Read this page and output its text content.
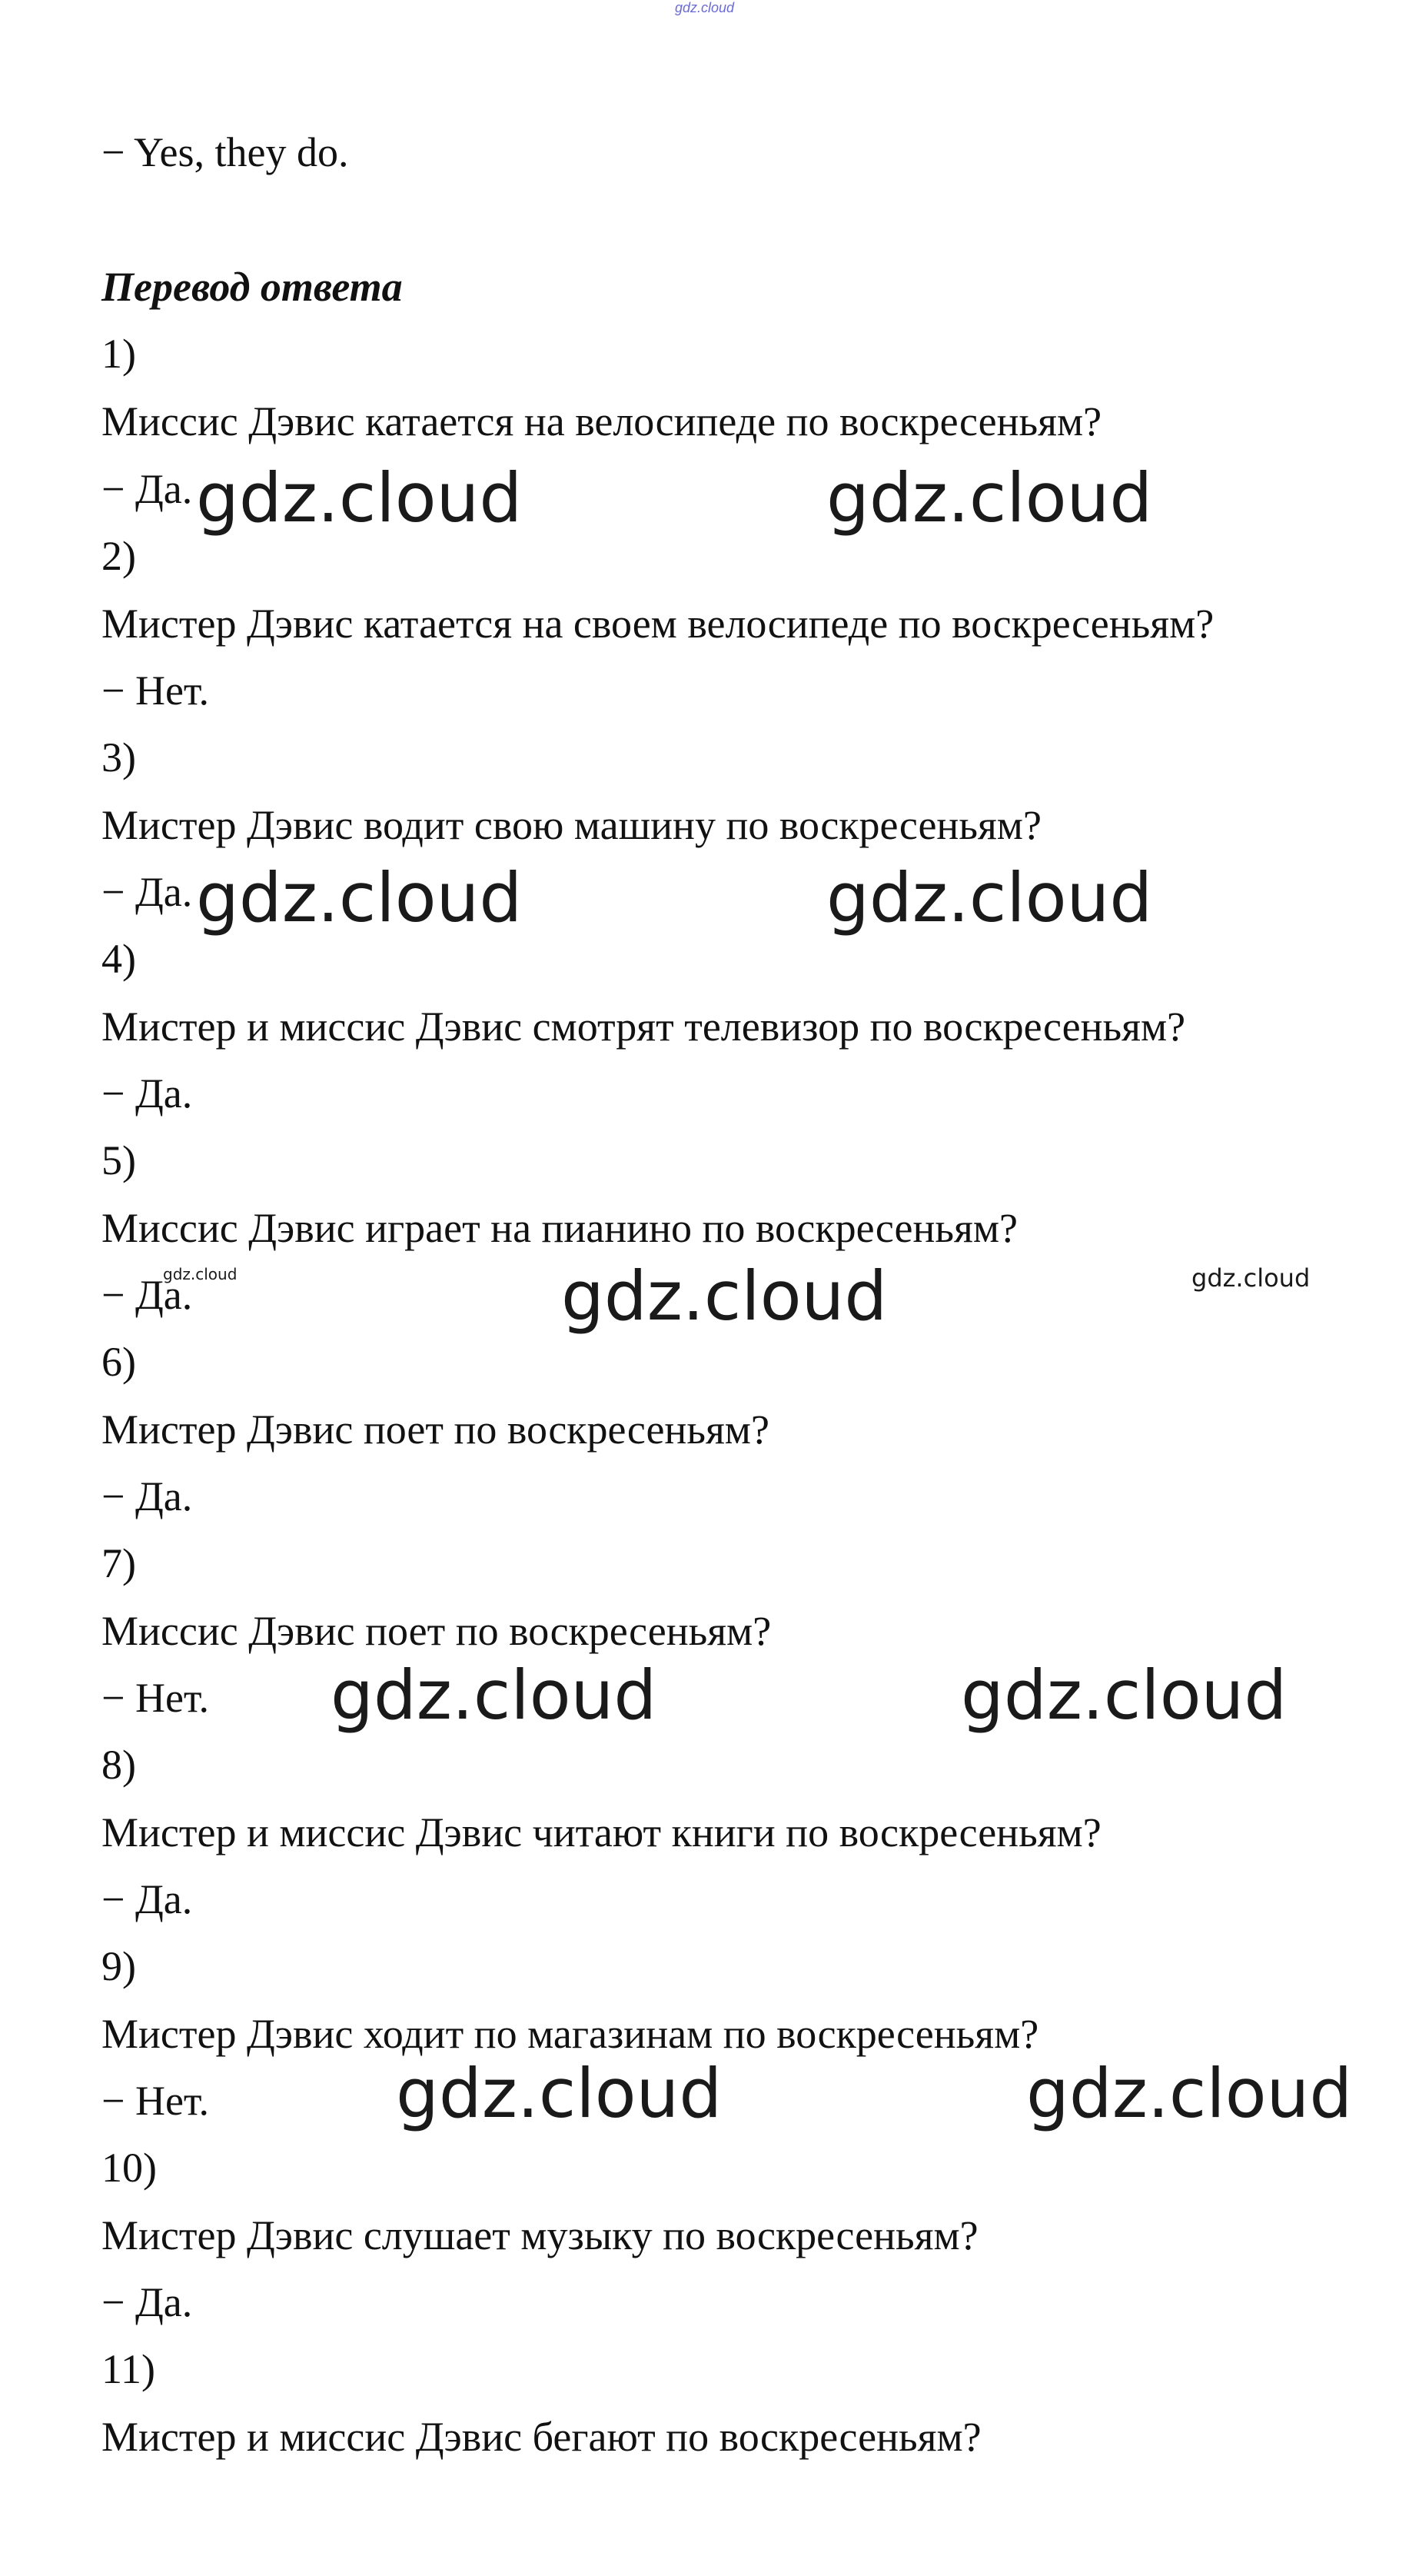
gdz.cloud
− Yes, they do.
Перевод ответа
1)
Миссис Дэвис катается на велосипеде по воскресеньям?
− Да.
2)
Мистер Дэвис катается на своем велосипеде по воскресеньям?
− Нет.
3)
Мистер Дэвис водит свою машину по воскресеньям?
− Да.
4)
Мистер и миссис Дэвис смотрят телевизор по воскресеньям?
− Да.
5)
Миссис Дэвис играет на пианино по воскресеньям?
− Да.
6)
Мистер Дэвис поет по воскресеньям?
− Да.
7)
Миссис Дэвис поет по воскресеньям?
− Нет.
8)
Мистер и миссис Дэвис читают книги по воскресеньям?
− Да.
9)
Мистер Дэвис ходит по магазинам по воскресеньям?
− Нет.
10)
Мистер Дэвис слушает музыку по воскресеньям?
− Да.
11)
Мистер и миссис Дэвис бегают по воскресеньям?
gdz.cloud	gdz.cloud
gdz.cloud	gdz.cloud
gdz.cloud
gdz.cloud	gdz.cloud
gdz.cloud	gdz.cloud
gdz.cloud	gdz.cloud
